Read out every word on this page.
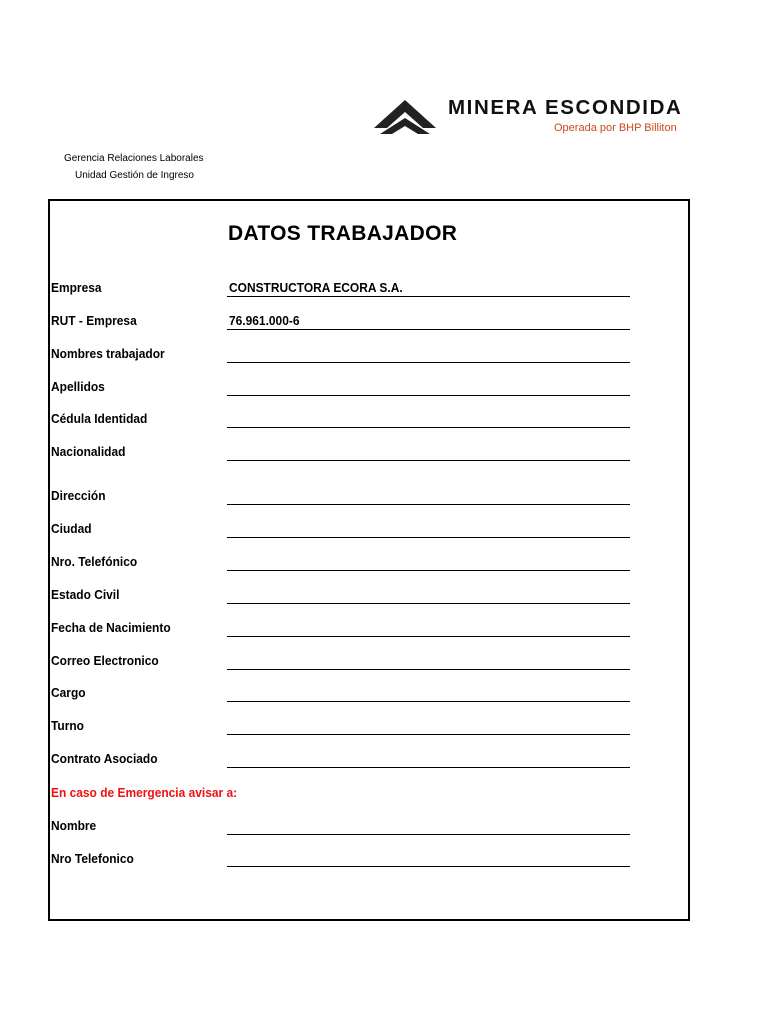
MINERA ESCONDIDA
Operada por BHP Billiton
Gerencia Relaciones Laborales
Unidad Gestión de Ingreso
DATOS TRABAJADOR
Empresa	CONSTRUCTORA ECORA S.A.
RUT - Empresa	76.961.000-6
Nombres trabajador
Apellidos
Cédula Identidad
Nacionalidad
Dirección
Ciudad
Nro. Telefónico
Estado Civil
Fecha de Nacimiento
Correo Electronico
Cargo
Turno
Contrato Asociado
En caso de Emergencia avisar a:
Nombre
Nro Telefonico
